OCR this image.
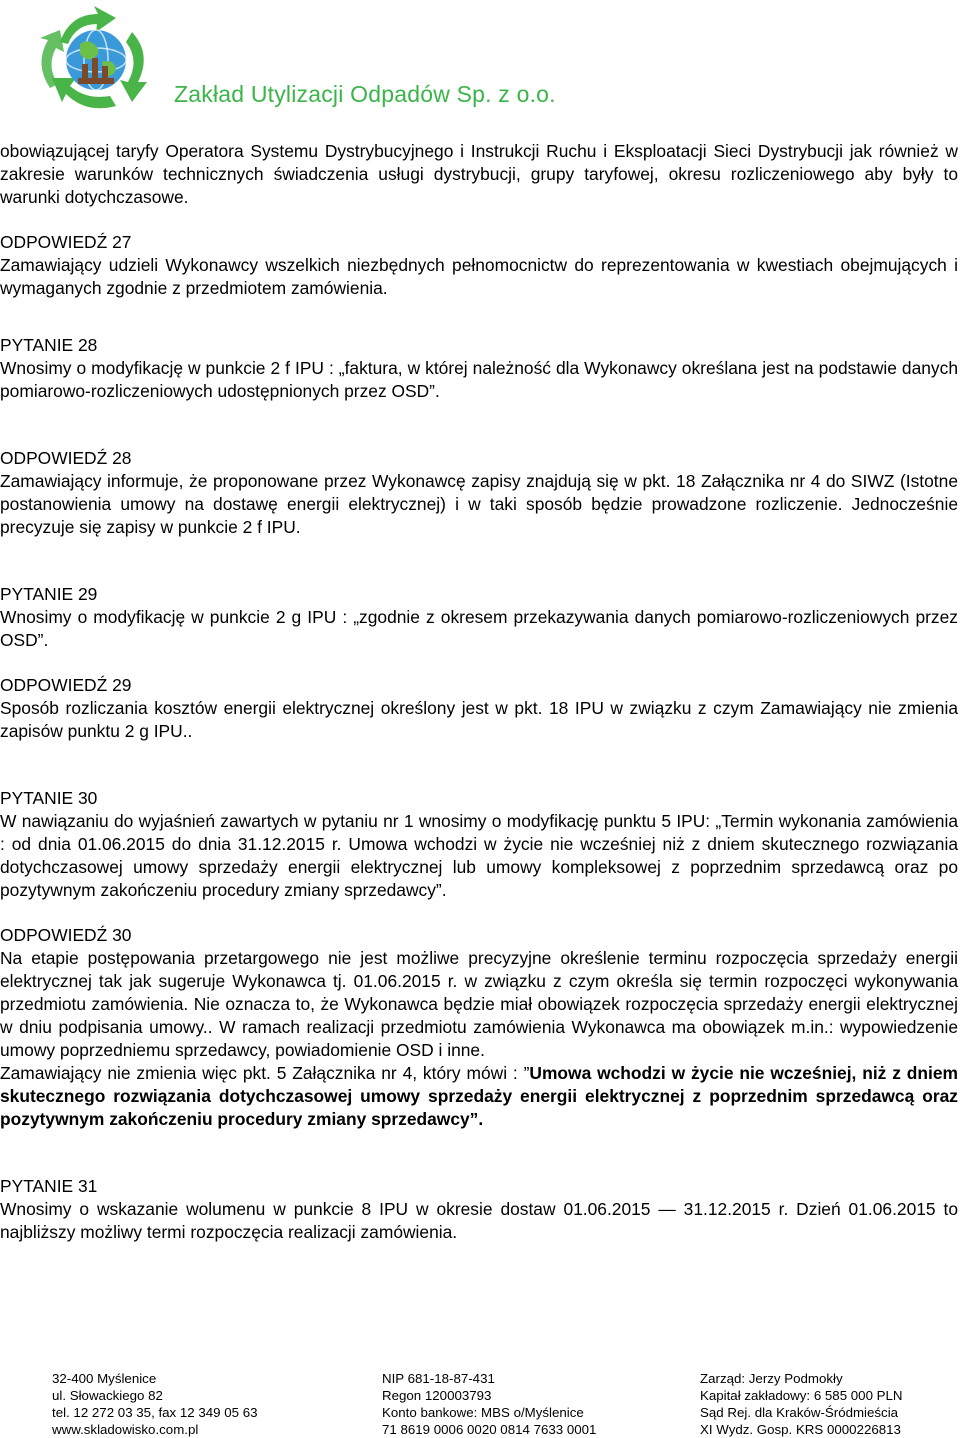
Zakład Utylizacji Odpadów Sp. z o.o.

obowiązującej taryfy Operatora Systemu Dystrybucyjnego i Instrukcji Ruchu i Eksploatacji Sieci Dystrybucji jak również w zakresie warunków technicznych świadczenia usługi dystrybucji, grupy taryfowej, okresu rozliczeniowego aby były to warunki dotychczasowe.

ODPOWIEDŹ 27

Zamawiający udzieli Wykonawcy wszelkich niezbędnych pełnomocnictw do reprezentowania w kwestiach obejmujących i wymaganych zgodnie z przedmiotem zamówienia.

PYTANIE 28

Wnosimy o modyfikację w punkcie 2 f IPU : „faktura, w której należność dla Wykonawcy określana jest na podstawie danych pomiarowo-rozliczeniowych udostępnionych przez OSD”.

ODPOWIEDŹ 28

Zamawiający informuje, że proponowane przez Wykonawcę zapisy znajdują się w pkt. 18 Załącznika nr 4 do SIWZ (Istotne postanowienia umowy na dostawę energii elektrycznej) i w taki sposób będzie prowadzone rozliczenie. Jednocześnie precyzuje się zapisy w punkcie 2 f IPU.

PYTANIE 29

Wnosimy o modyfikację w punkcie 2 g IPU : „zgodnie z okresem przekazywania danych pomiarowo-rozliczeniowych przez OSD”.

ODPOWIEDŹ 29

Sposób rozliczania kosztów energii elektrycznej określony jest w pkt. 18 IPU w związku z czym Zamawiający nie zmienia zapisów punktu 2 g IPU..

PYTANIE 30

W nawiązaniu do wyjaśnień zawartych w pytaniu nr 1 wnosimy o modyfikację punktu 5 IPU: „Termin wykonania zamówienia : od dnia 01.06.2015 do dnia 31.12.2015 r. Umowa wchodzi w życie nie wcześniej niż z dniem skutecznego rozwiązania dotychczasowej umowy sprzedaży energii elektrycznej lub umowy kompleksowej z poprzednim sprzedawcą oraz po pozytywnym zakończeniu procedury zmiany sprzedawcy”.

ODPOWIEDŹ 30

Na etapie postępowania przetargowego nie jest możliwe precyzyjne określenie terminu rozpoczęcia sprzedaży energii elektrycznej tak jak sugeruje Wykonawca tj. 01.06.2015 r. w związku z czym określa się termin rozpoczęci wykonywania przedmiotu zamówienia. Nie oznacza to, że Wykonawca będzie miał obowiązek rozpoczęcia sprzedaży energii elektrycznej w dniu podpisania umowy.. W ramach realizacji przedmiotu zamówienia Wykonawca ma obowiązek m.in.: wypowiedzenie umowy poprzedniemu sprzedawcy, powiadomienie OSD i inne.

Zamawiający nie zmienia więc pkt. 5 Załącznika nr 4, który mówi : ”Umowa wchodzi w życie nie wcześniej, niż z dniem skutecznego rozwiązania dotychczasowej umowy sprzedaży energii elektrycznej z poprzednim sprzedawcą oraz pozytywnym zakończeniu procedury zmiany sprzedawcy”.

PYTANIE 31

Wnosimy o wskazanie wolumenu w punkcie 8 IPU w okresie dostaw 01.06.2015 — 31.12.2015 r. Dzień 01.06.2015 to najbliższy możliwy termi rozpoczęcia realizacji zamówienia.

32-400 Myślenice
ul. Słowackiego 82
tel. 12 272 03 35, fax 12 349 05 63
www.skladowisko.com.pl
NIP 681-18-87-431
Regon 120003793
Konto bankowe: MBS o/Myślenice
71 8619 0006 0020 0814 7633 0001
Zarząd: Jerzy Podmokły
Kapitał zakładowy: 6 585 000 PLN
Sąd Rej. dla Kraków-Śródmieścia
XI Wydz. Gosp. KRS 0000226813
